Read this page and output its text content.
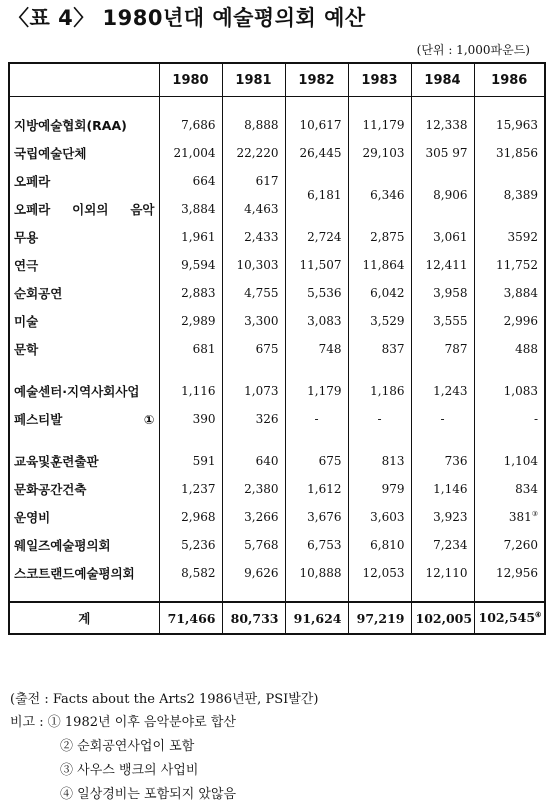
〈표 4〉 1980년대 예술평의회 예산
(단위 : 1,000파운드)
	1980	1981	1982	1983	1984	1986

지방예술협회(RAA)	7,686	8,888	10,617	11,179	12,338	15,963
국립예술단체	21,004	22,220	26,445	29,103	305 97	31,856
오페라	664	617	6,181	6,346	8,906	8,389
오페라 이외의 음악	3,884	4,463				
무용	1,961	2,433	2,724	2,875	3,061	3592
연극	9,594	10,303	11,507	11,864	12,411	11,752
순회공연	2,883	4,755	5,536	6,042	3,958	3,884
미술	2,989	3,300	3,083	3,529	3,555	2,996
문학	681	675	748	837	787	488

예술센터·지역사회사업	1,116	1,073	1,179	1,186	1,243	1,083
페스티발①	390	326	-	-	-	-

교육및훈련출판	591	640	675	813	736	1,104
문화공간건축	1,237	2,380	1,612	979	1,146	834
운영비	2,968	3,266	3,676	3,603	3,923	381③
웨일즈예술평의회	5,236	5,768	6,753	6,810	7,234	7,260
스코트랜드예술평의회	8,582	9,626	10,888	12,053	12,110	12,956

계	71,466	80,733	91,624	97,219	102,005	102,545④
(출전 : Facts about the Arts2 1986년판, PSI발간)
비고 : ① 1982년 이후 음악분야로 합산
② 순회공연사업이 포함
③ 사우스 뱅크의 사업비
④ 일상경비는 포함되지 았않음
